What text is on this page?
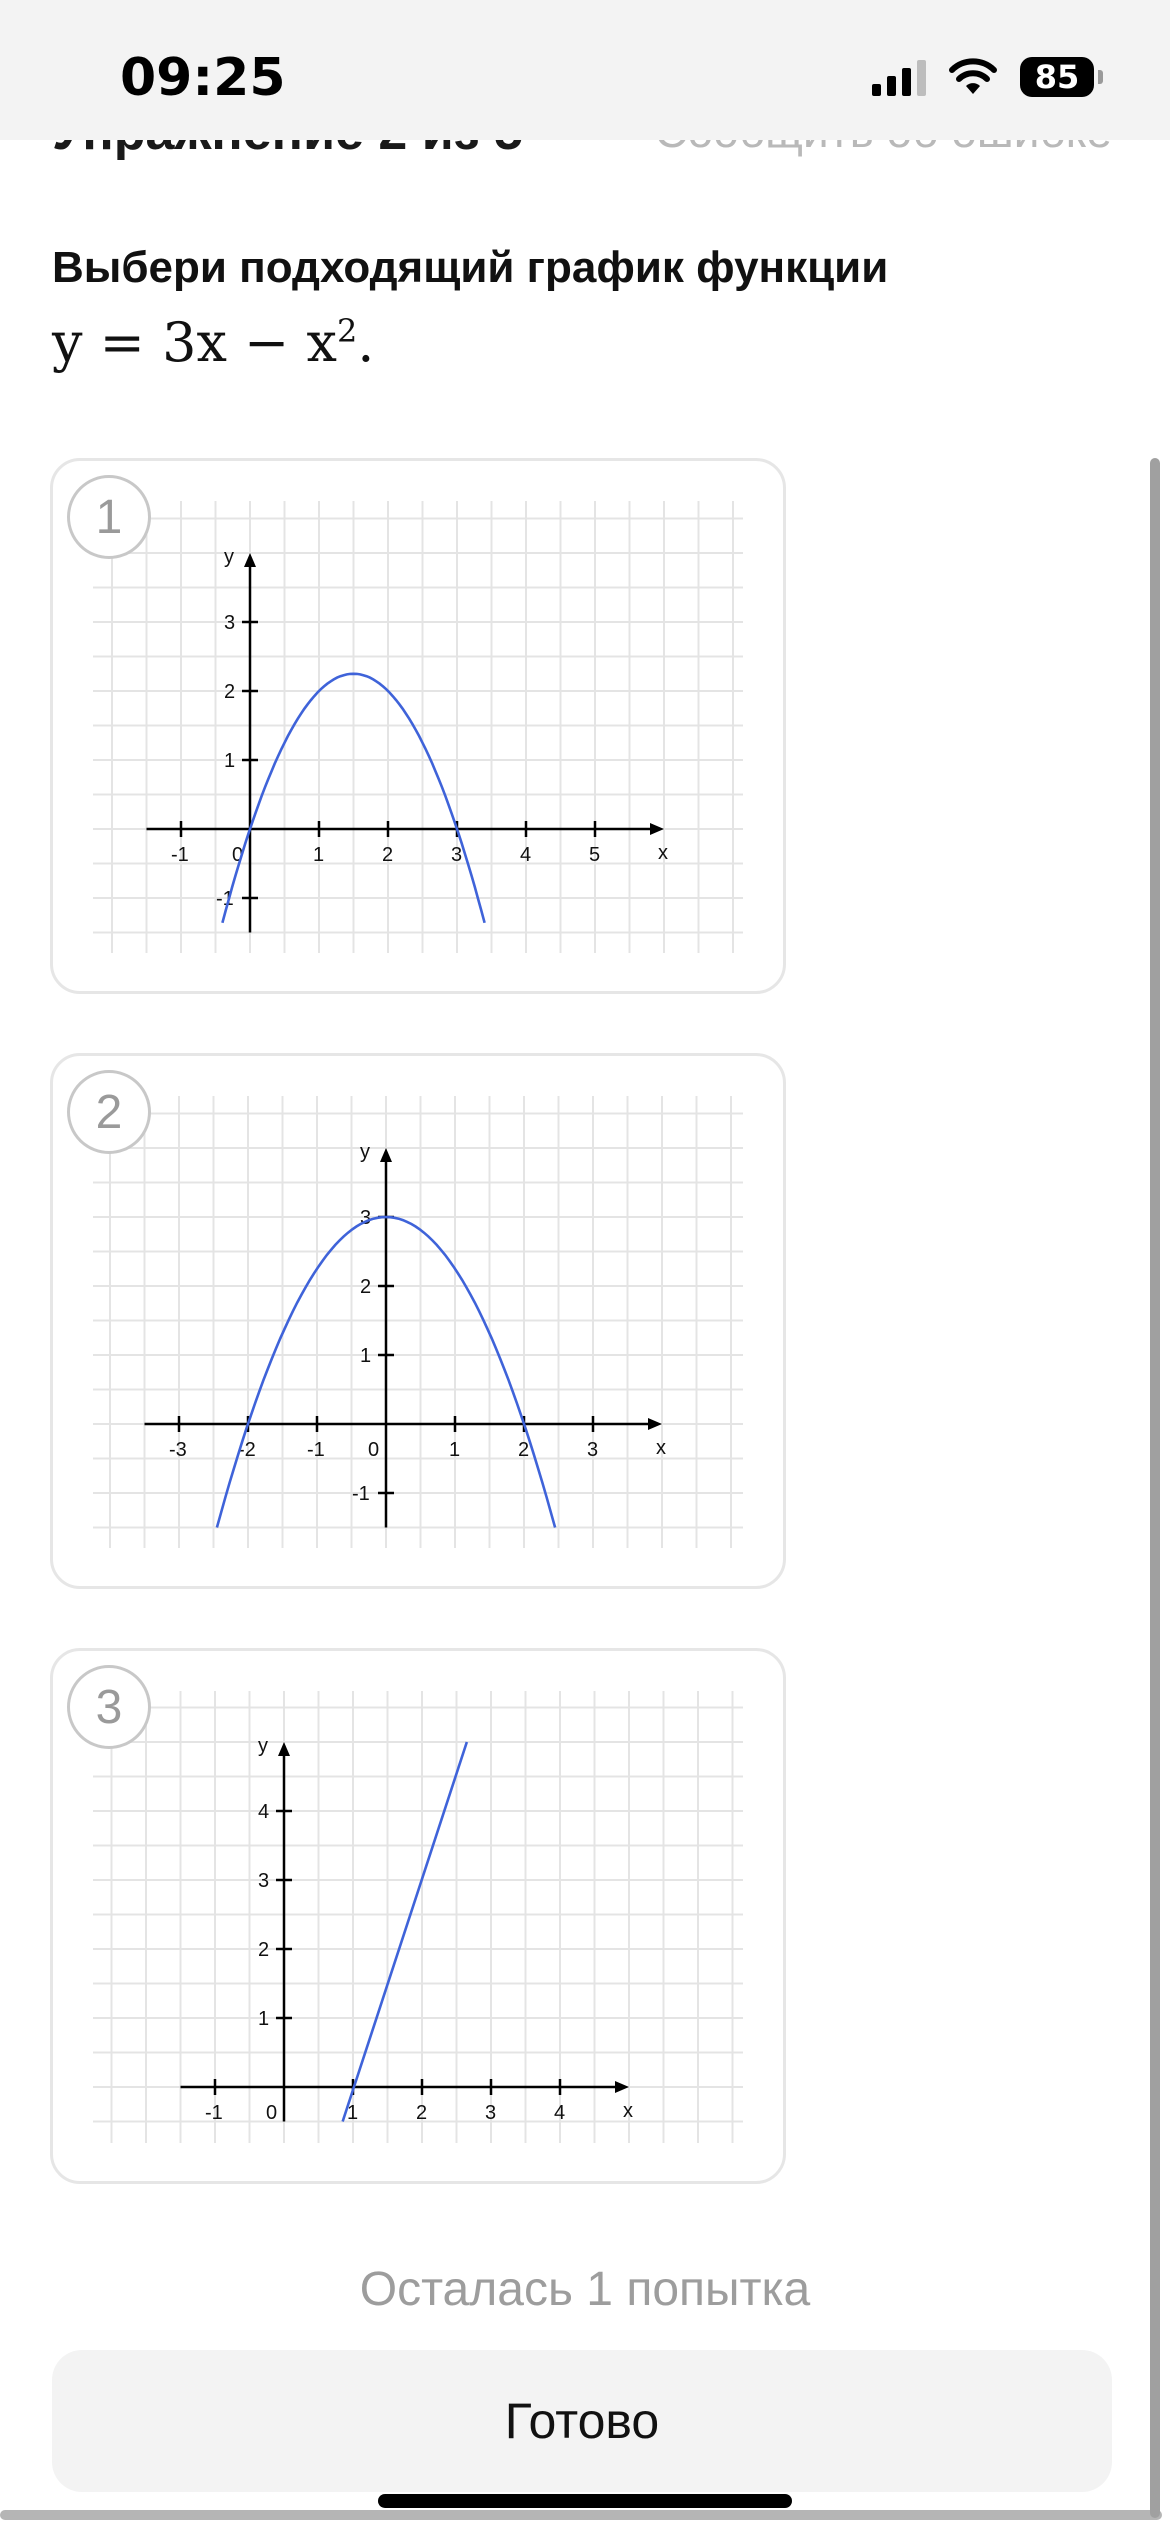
09:25	85
Выбери подходящий график функции
$y = 3x - x^2$.
x
y
-1 0	1	2	3	4	5
-1
1
2
3
1
x
y
-3	-2	-1 0	1	2	3
-1
1
2
3
2
x
y
-1 0	1	2	3	4
1
2
3
4
3
Осталась 1 попытка
Готово
